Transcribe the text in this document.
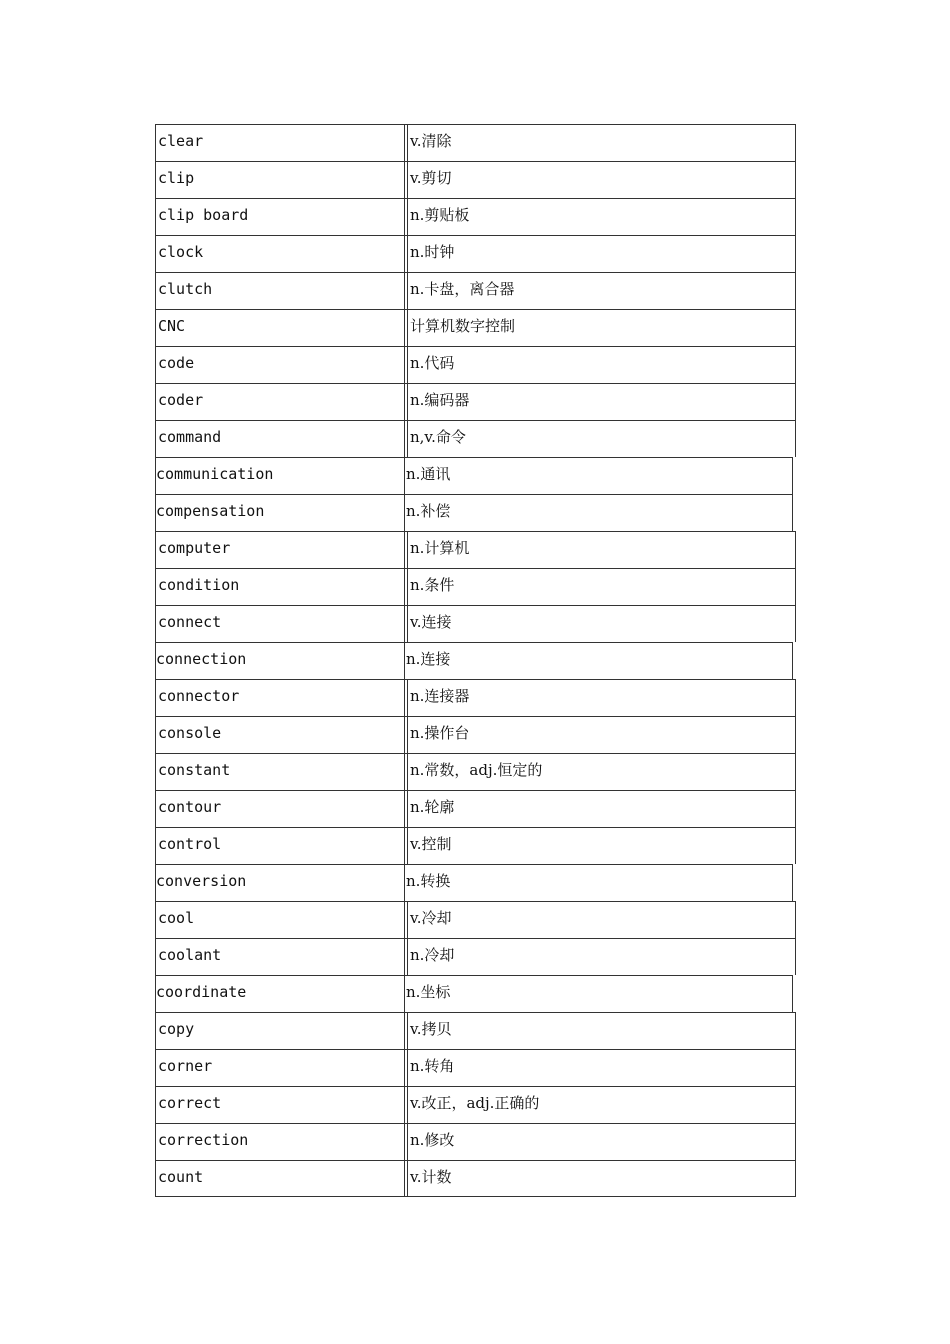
clear	v.清除
clip	v.剪切
clip board	n.剪贴板
clock	n.时钟
clutch	n.卡盘，离合器
CNC	计算机数字控制
code	n.代码
coder	n.编码器
command	n,v.命令
communication	n.通讯
compensation	n.补偿
computer	n.计算机
condition	n.条件
connect	v.连接
connection	n.连接
connector	n.连接器
console	n.操作台
constant	n.常数，adj.恒定的
contour	n.轮廓
control	v.控制
conversion	n.转换
cool	v.冷却
coolant	n.冷却
coordinate	n.坐标
copy	v.拷贝
corner	n.转角
correct	v.改正，adj.正确的
correction	n.修改
count	v.计数
